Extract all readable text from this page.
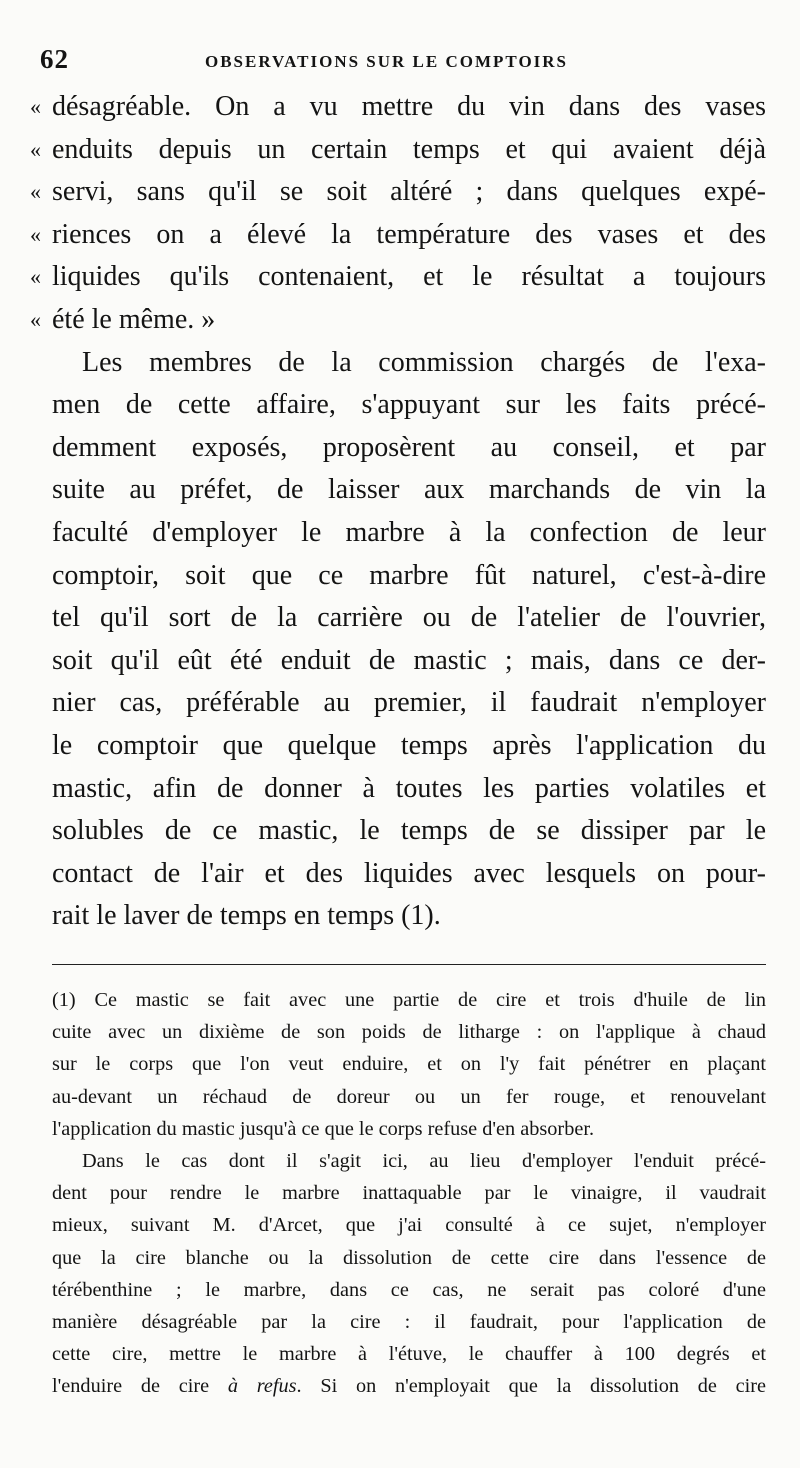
62	OBSERVATIONS SUR LE COMPTOIRS
« désagréable. On a vu mettre du vin dans des vases
« enduits depuis un certain temps et qui avaient déjà
« servi, sans qu'il se soit altéré ; dans quelques expé-
« riences on a élevé la température des vases et des
« liquides qu'ils contenaient, et le résultat a toujours
« été le même. »
Les membres de la commission chargés de l'exa-
men de cette affaire, s'appuyant sur les faits précé-
demment exposés, proposèrent au conseil, et par
suite au préfet, de laisser aux marchands de vin la
faculté d'employer le marbre à la confection de leur
comptoir, soit que ce marbre fût naturel, c'est-à-dire
tel qu'il sort de la carrière ou de l'atelier de l'ouvrier,
soit qu'il eût été enduit de mastic ; mais, dans ce der-
nier cas, préférable au premier, il faudrait n'employer
le comptoir que quelque temps après l'application du
mastic, afin de donner à toutes les parties volatiles et
solubles de ce mastic, le temps de se dissiper par le
contact de l'air et des liquides avec lesquels on pour-
rait le laver de temps en temps (1).
(1) Ce mastic se fait avec une partie de cire et trois d'huile de lin
cuite avec un dixième de son poids de litharge : on l'applique à chaud
sur le corps que l'on veut enduire, et on l'y fait pénétrer en plaçant
au-devant un réchaud de doreur ou un fer rouge, et renouvelant
l'application du mastic jusqu'à ce que le corps refuse d'en absorber.
Dans le cas dont il s'agit ici, au lieu d'employer l'enduit précé-
dent pour rendre le marbre inattaquable par le vinaigre, il vaudrait
mieux, suivant M. d'Arcet, que j'ai consulté à ce sujet, n'employer
que la cire blanche ou la dissolution de cette cire dans l'essence de
térébenthine ; le marbre, dans ce cas, ne serait pas coloré d'une
manière désagréable par la cire : il faudrait, pour l'application de
cette cire, mettre le marbre à l'étuve, le chauffer à 100 degrés et
l'enduire de cire à refus. Si on n'employait que la dissolution de cire
